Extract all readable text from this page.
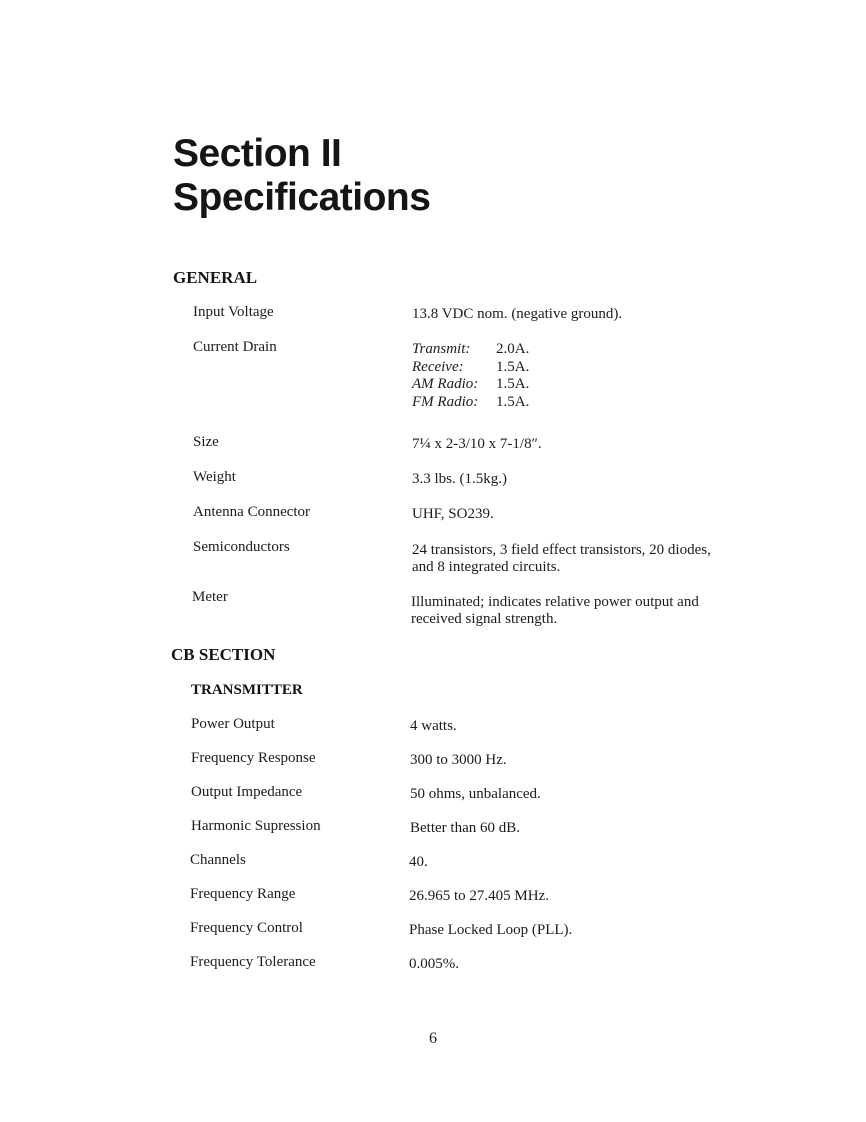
Section II
Specifications
GENERAL
Input Voltage	13.8 VDC nom. (negative ground).
Current Drain	Transmit: 2.0A.
Receive: 1.5A.
AM Radio: 1.5A.
FM Radio: 1.5A.
Size	7¼ x 2-3/10 x 7-1/8″.
Weight	3.3 lbs. (1.5kg.)
Antenna Connector	UHF, SO239.
Semiconductors	24 transistors, 3 field effect transistors, 20 diodes, and 8 integrated circuits.
Meter	Illuminated; indicates relative power output and received signal strength.
CB SECTION
TRANSMITTER
Power Output	4 watts.
Frequency Response	300 to 3000 Hz.
Output Impedance	50 ohms, unbalanced.
Harmonic Supression	Better than 60 dB.
Channels	40.
Frequency Range	26.965 to 27.405 MHz.
Frequency Control	Phase Locked Loop (PLL).
Frequency Tolerance	0.005%.
6
